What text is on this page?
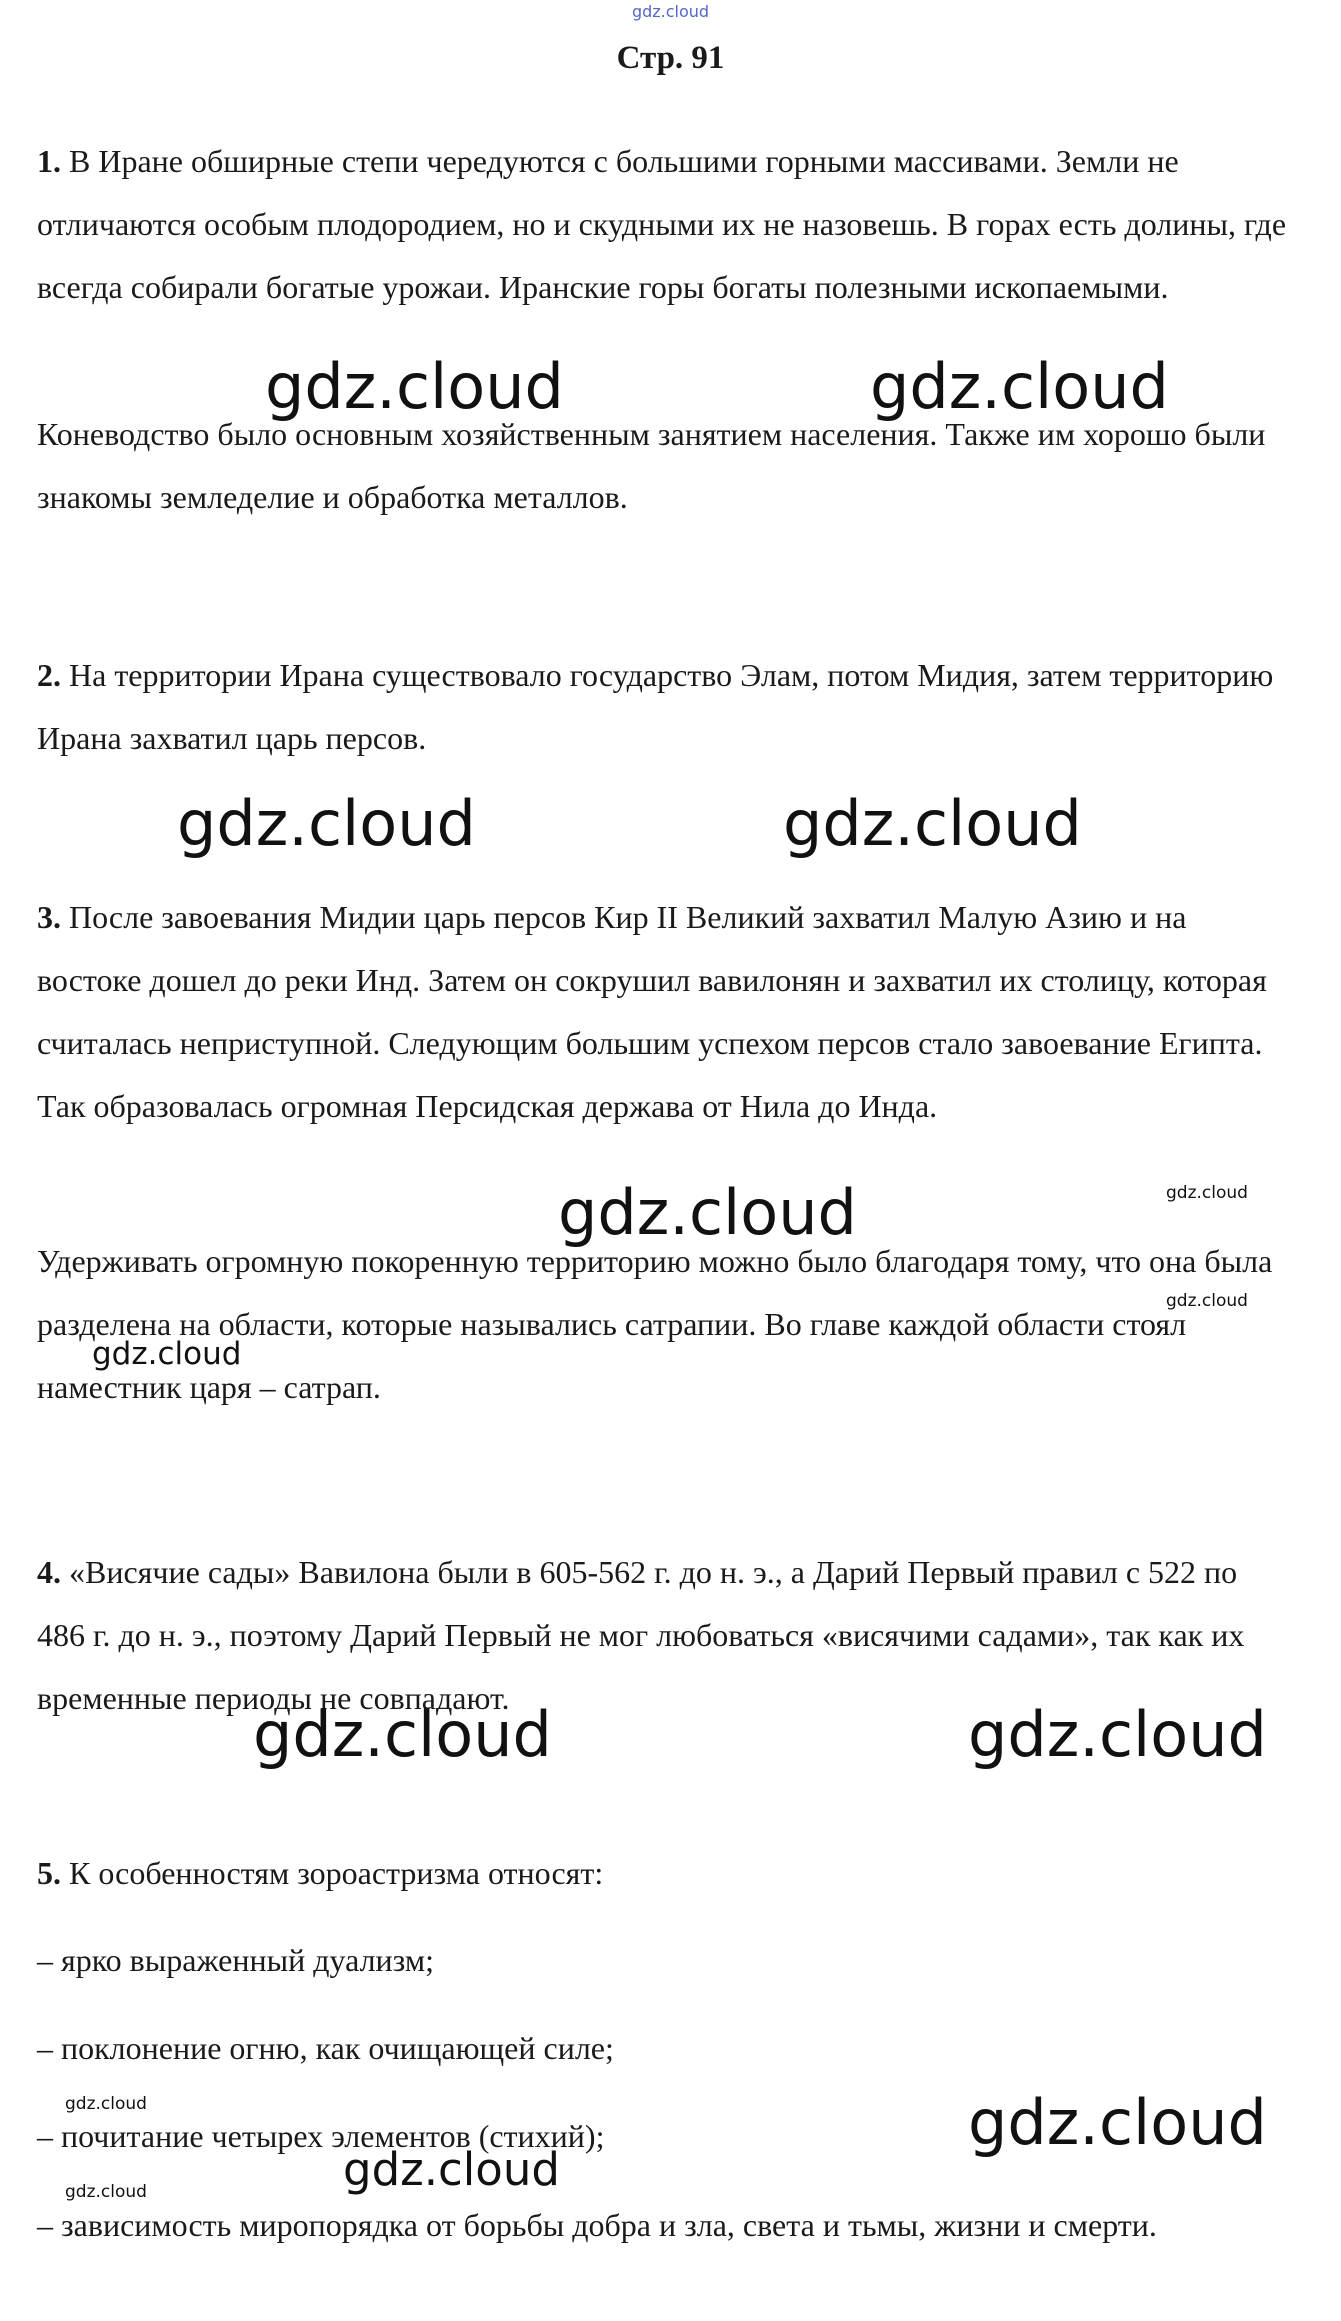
gdz.cloud
Стр. 91

1. В Иране обширные степи чередуются с большими горными массивами. Земли не отличаются особым плодородием, но и скудными их не назовешь. В горах есть долины, где всегда собирали богатые урожаи. Иранские горы богаты полезными ископаемыми.

Коневодство было основным хозяйственным занятием населения. Также им хорошо были знакомы земледелие и обработка металлов.

2. На территории Ирана существовало государство Элам, потом Мидия, затем территорию Ирана захватил царь персов.

3. После завоевания Мидии царь персов Кир II Великий захватил Малую Азию и на востоке дошел до реки Инд. Затем он сокрушил вавилонян и захватил их столицу, которая считалась неприступной. Следующим большим успехом персов стало завоевание Египта. Так образовалась огромная Персидская держава от Нила до Инда.

Удерживать огромную покоренную территорию можно было благодаря тому, что она была разделена на области, которые назывались сатрапии. Во главе каждой области стоял наместник царя – сатрап.

4. «Висячие сады» Вавилона были в 605-562 г. до н. э., а Дарий Первый правил с 522 по 486 г. до н. э., поэтому Дарий Первый не мог любоваться «висячими садами», так как их временные периоды не совпадают.

5. К особенностям зороастризма относят:

– ярко выраженный дуализм;

– поклонение огню, как очищающей силе;

– почитание четырех элементов (стихий);

– зависимость миропорядка от борьбы добра и зла, света и тьмы, жизни и смерти.

gdz.cloud	gdz.cloud
gdz.cloud	gdz.cloud
gdz.cloud	gdz.cloud
gdz.cloud
gdz.cloud
gdz.cloud	gdz.cloud
gdz.cloud
gdz.cloud
gdz.cloud
gdz.cloud
